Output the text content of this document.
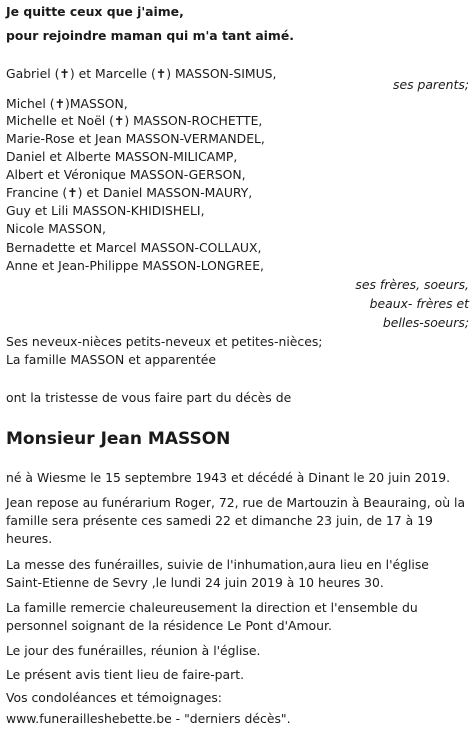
Je quitte ceux que j'aime,
pour rejoindre maman qui m'a tant aimé.
Gabriel (✝) et Marcelle (✝) MASSON-SIMUS,
ses parents;
Michel (✝)MASSON,
Michelle et Noël (✝) MASSON-ROCHETTE,
Marie-Rose et Jean MASSON-VERMANDEL,
Daniel et Alberte MASSON-MILICAMP,
Albert et Véronique MASSON-GERSON,
Francine (✝) et Daniel MASSON-MAURY,
Guy et Lili MASSON-KHIDISHELI,
Nicole MASSON,
Bernadette et Marcel MASSON-COLLAUX,
Anne et Jean-Philippe MASSON-LONGREE,
ses frères, soeurs,
beaux- frères et
belles-soeurs;
Ses neveux-nièces petits-neveux et petites-nièces;
La famille MASSON et apparentée
ont la tristesse de vous faire part du décès de
Monsieur Jean MASSON
né à Wiesme le 15 septembre 1943 et décédé à Dinant le 20 juin 2019.
Jean repose au funérarium Roger, 72, rue de Martouzin à Beauraing, où la famille sera présente ces samedi 22 et dimanche 23 juin, de 17 à 19 heures.
La messe des funérailles, suivie de l'inhumation,aura lieu en l'église Saint-Etienne de Sevry ,le lundi 24 juin 2019 à 10 heures 30.
La famille remercie chaleureusement la direction et l'ensemble du personnel soignant de la résidence Le Pont d'Amour.
Le jour des funérailles, réunion à l'église.
Le présent avis tient lieu de faire-part.
Vos condoléances et témoignages:
www.funerailleshebette.be - "derniers décès".
